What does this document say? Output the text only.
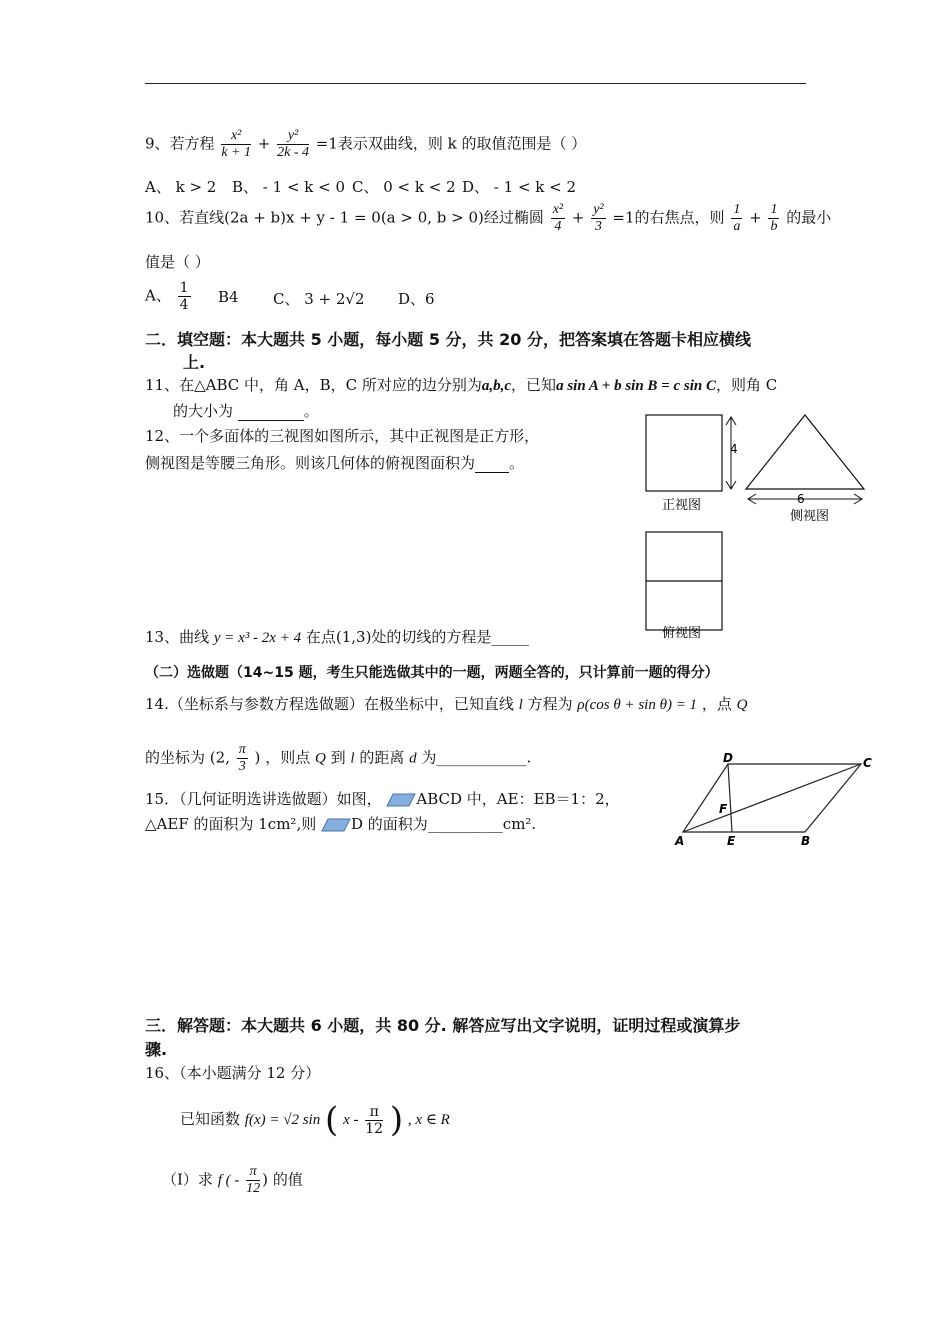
9、若方程 $\frac{\text{x²}}{k + 1} + \frac{\text{y²}}{2k - 4} =1$表示双曲线，则 k 的取值范围是（ ）
A、 k > 2 B、 - 1 < k < 0 C、 0 < k < 2 D、 - 1 < k < 2
10、若直线(2a + b)x + y - 1 = 0(a > 0, b > 0)经过椭圆 $\frac{\text{x²}}{4} + \frac{\text{y²}}{3} =1$的右焦点，则 $\frac{1}{a} + \frac{1}{b}$ 的最小
值是（ ）
A、 $\frac{1}{4} B4$ C、 3 + 2√2 D、6
二．填空题：本大题共 5 小题，每小题 5 分，共 20 分，把答案填在答题卡相应横线
上.
11、在△ABC 中，角 A，B，C 所对应的边分别为a,b,c，已知a sin A + b sin B = c sin C，则角 C
的大小为	。
12、一个多面体的三视图如图所示，其中正视图是正方形，
侧视图是等腰三角形。则该几何体的俯视图面积为 。
4
正视图	6
侧视图
俯视图
13、曲线 y = x³ - 2x + 4 在点(1,3)处的切线的方程是_____
（二）选做题（14~15 题，考生只能选做其中的一题，两题全答的，只计算前一题的得分）
14.（坐标系与参数方程选做题）在极坐标中，已知直线 l 方程为 ρ(cos θ + sin θ) = 1 ，点 Q
的坐标为 (2, $\frac{\pi}{3}$ ) ，则点 Q 到 l 的距离 d 为____________.
15．（几何证明选讲选做题）如图， ABCD 中，AE：EB＝1：2，
△AEF 的面积为 1cm²,则 D 的面积为__________cm².
A	B
C
D
E
F
三．解答题：本大题共 6 小题，共 80 分. 解答应写出文字说明，证明过程或演算步
骤.
16、（本小题满分 12 分）
已知函数 f(x) = √2 sin ( x - $\frac{\pi}{12}$ ) , x ∈ R
（Ⅰ）求 f ( - $\frac{\pi}{12}$ ) 的值
